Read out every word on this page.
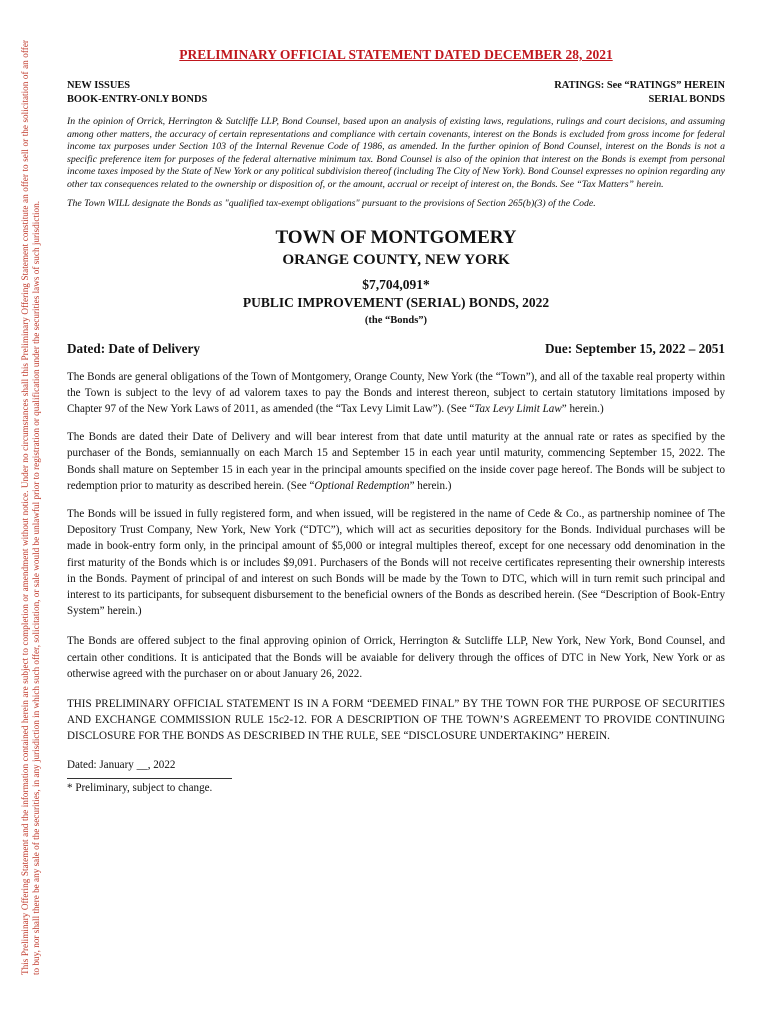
This Preliminary Offering Statement and the information contained herein are subject to completion or amendment without notice. Under no circumstances shall this Preliminary Offering Statement constitute an offer to sell or the solicitation of an offer to buy, nor shall there be any sale of the securities, in any jurisdiction in which such offer, solicitation, or sale would be unlawful prior to registration or qualification under the securities laws of such jurisdiction.
PRELIMINARY OFFICIAL STATEMENT DATED DECEMBER 28, 2021
NEW ISSUES
BOOK-ENTRY-ONLY BONDS
RATINGS: See “RATINGS” HEREIN
SERIAL BONDS
In the opinion of Orrick, Herrington & Sutcliffe LLP, Bond Counsel, based upon an analysis of existing laws, regulations, rulings and court decisions, and assuming among other matters, the accuracy of certain representations and compliance with certain covenants, interest on the Bonds is excluded from gross income for federal income tax purposes under Section 103 of the Internal Revenue Code of 1986, as amended. In the further opinion of Bond Counsel, interest on the Bonds is not a specific preference item for purposes of the federal alternative minimum tax. Bond Counsel is also of the opinion that interest on the Bonds is exempt from personal income taxes imposed by the State of New York or any political subdivision thereof (including The City of New York). Bond Counsel expresses no opinion regarding any other tax consequences related to the ownership or disposition of, or the amount, accrual or receipt of interest on, the Bonds. See “Tax Matters” herein.
The Town WILL designate the Bonds as "qualified tax-exempt obligations" pursuant to the provisions of Section 265(b)(3) of the Code.
TOWN OF MONTGOMERY
ORANGE COUNTY, NEW YORK
$7,704,091*
PUBLIC IMPROVEMENT (SERIAL) BONDS, 2022
(the “Bonds”)
Dated: Date of Delivery	Due: September 15, 2022 – 2051
The Bonds are general obligations of the Town of Montgomery, Orange County, New York (the “Town”), and all of the taxable real property within the Town is subject to the levy of ad valorem taxes to pay the Bonds and interest thereon, subject to certain statutory limitations imposed by Chapter 97 of the New York Laws of 2011, as amended (the “Tax Levy Limit Law”). (See “Tax Levy Limit Law” herein.)
The Bonds are dated their Date of Delivery and will bear interest from that date until maturity at the annual rate or rates as specified by the purchaser of the Bonds, semiannually on each March 15 and September 15 in each year until maturity, commencing September 15, 2022. The Bonds shall mature on September 15 in each year in the principal amounts specified on the inside cover page hereof. The Bonds will be subject to redemption prior to maturity as described herein. (See “Optional Redemption” herein.)
The Bonds will be issued in fully registered form, and when issued, will be registered in the name of Cede & Co., as partnership nominee of The Depository Trust Company, New York, New York (“DTC”), which will act as securities depository for the Bonds. Individual purchases will be made in book-entry form only, in the principal amount of $5,000 or integral multiples thereof, except for one necessary odd denomination in the first maturity of the Bonds which is or includes $9,091. Purchasers of the Bonds will not receive certificates representing their ownership interests in the Bonds. Payment of principal of and interest on such Bonds will be made by the Town to DTC, which will in turn remit such principal and interest to its participants, for subsequent disbursement to the beneficial owners of the Bonds as described herein. (See “Description of Book-Entry System” herein.)
The Bonds are offered subject to the final approving opinion of Orrick, Herrington & Sutcliffe LLP, New York, New York, Bond Counsel, and certain other conditions. It is anticipated that the Bonds will be avaiable for delivery through the offices of DTC in New York, New York or as otherwise agreed with the purchaser on or about January 26, 2022.
THIS PRELIMINARY OFFICIAL STATEMENT IS IN A FORM “DEEMED FINAL” BY THE TOWN FOR THE PURPOSE OF SECURITIES AND EXCHANGE COMMISSION RULE 15c2-12. FOR A DESCRIPTION OF THE TOWN’S AGREEMENT TO PROVIDE CONTINUING DISCLOSURE FOR THE BONDS AS DESCRIBED IN THE RULE, SEE “DISCLOSURE UNDERTAKING” HEREIN.
Dated: January __, 2022
* Preliminary, subject to change.
